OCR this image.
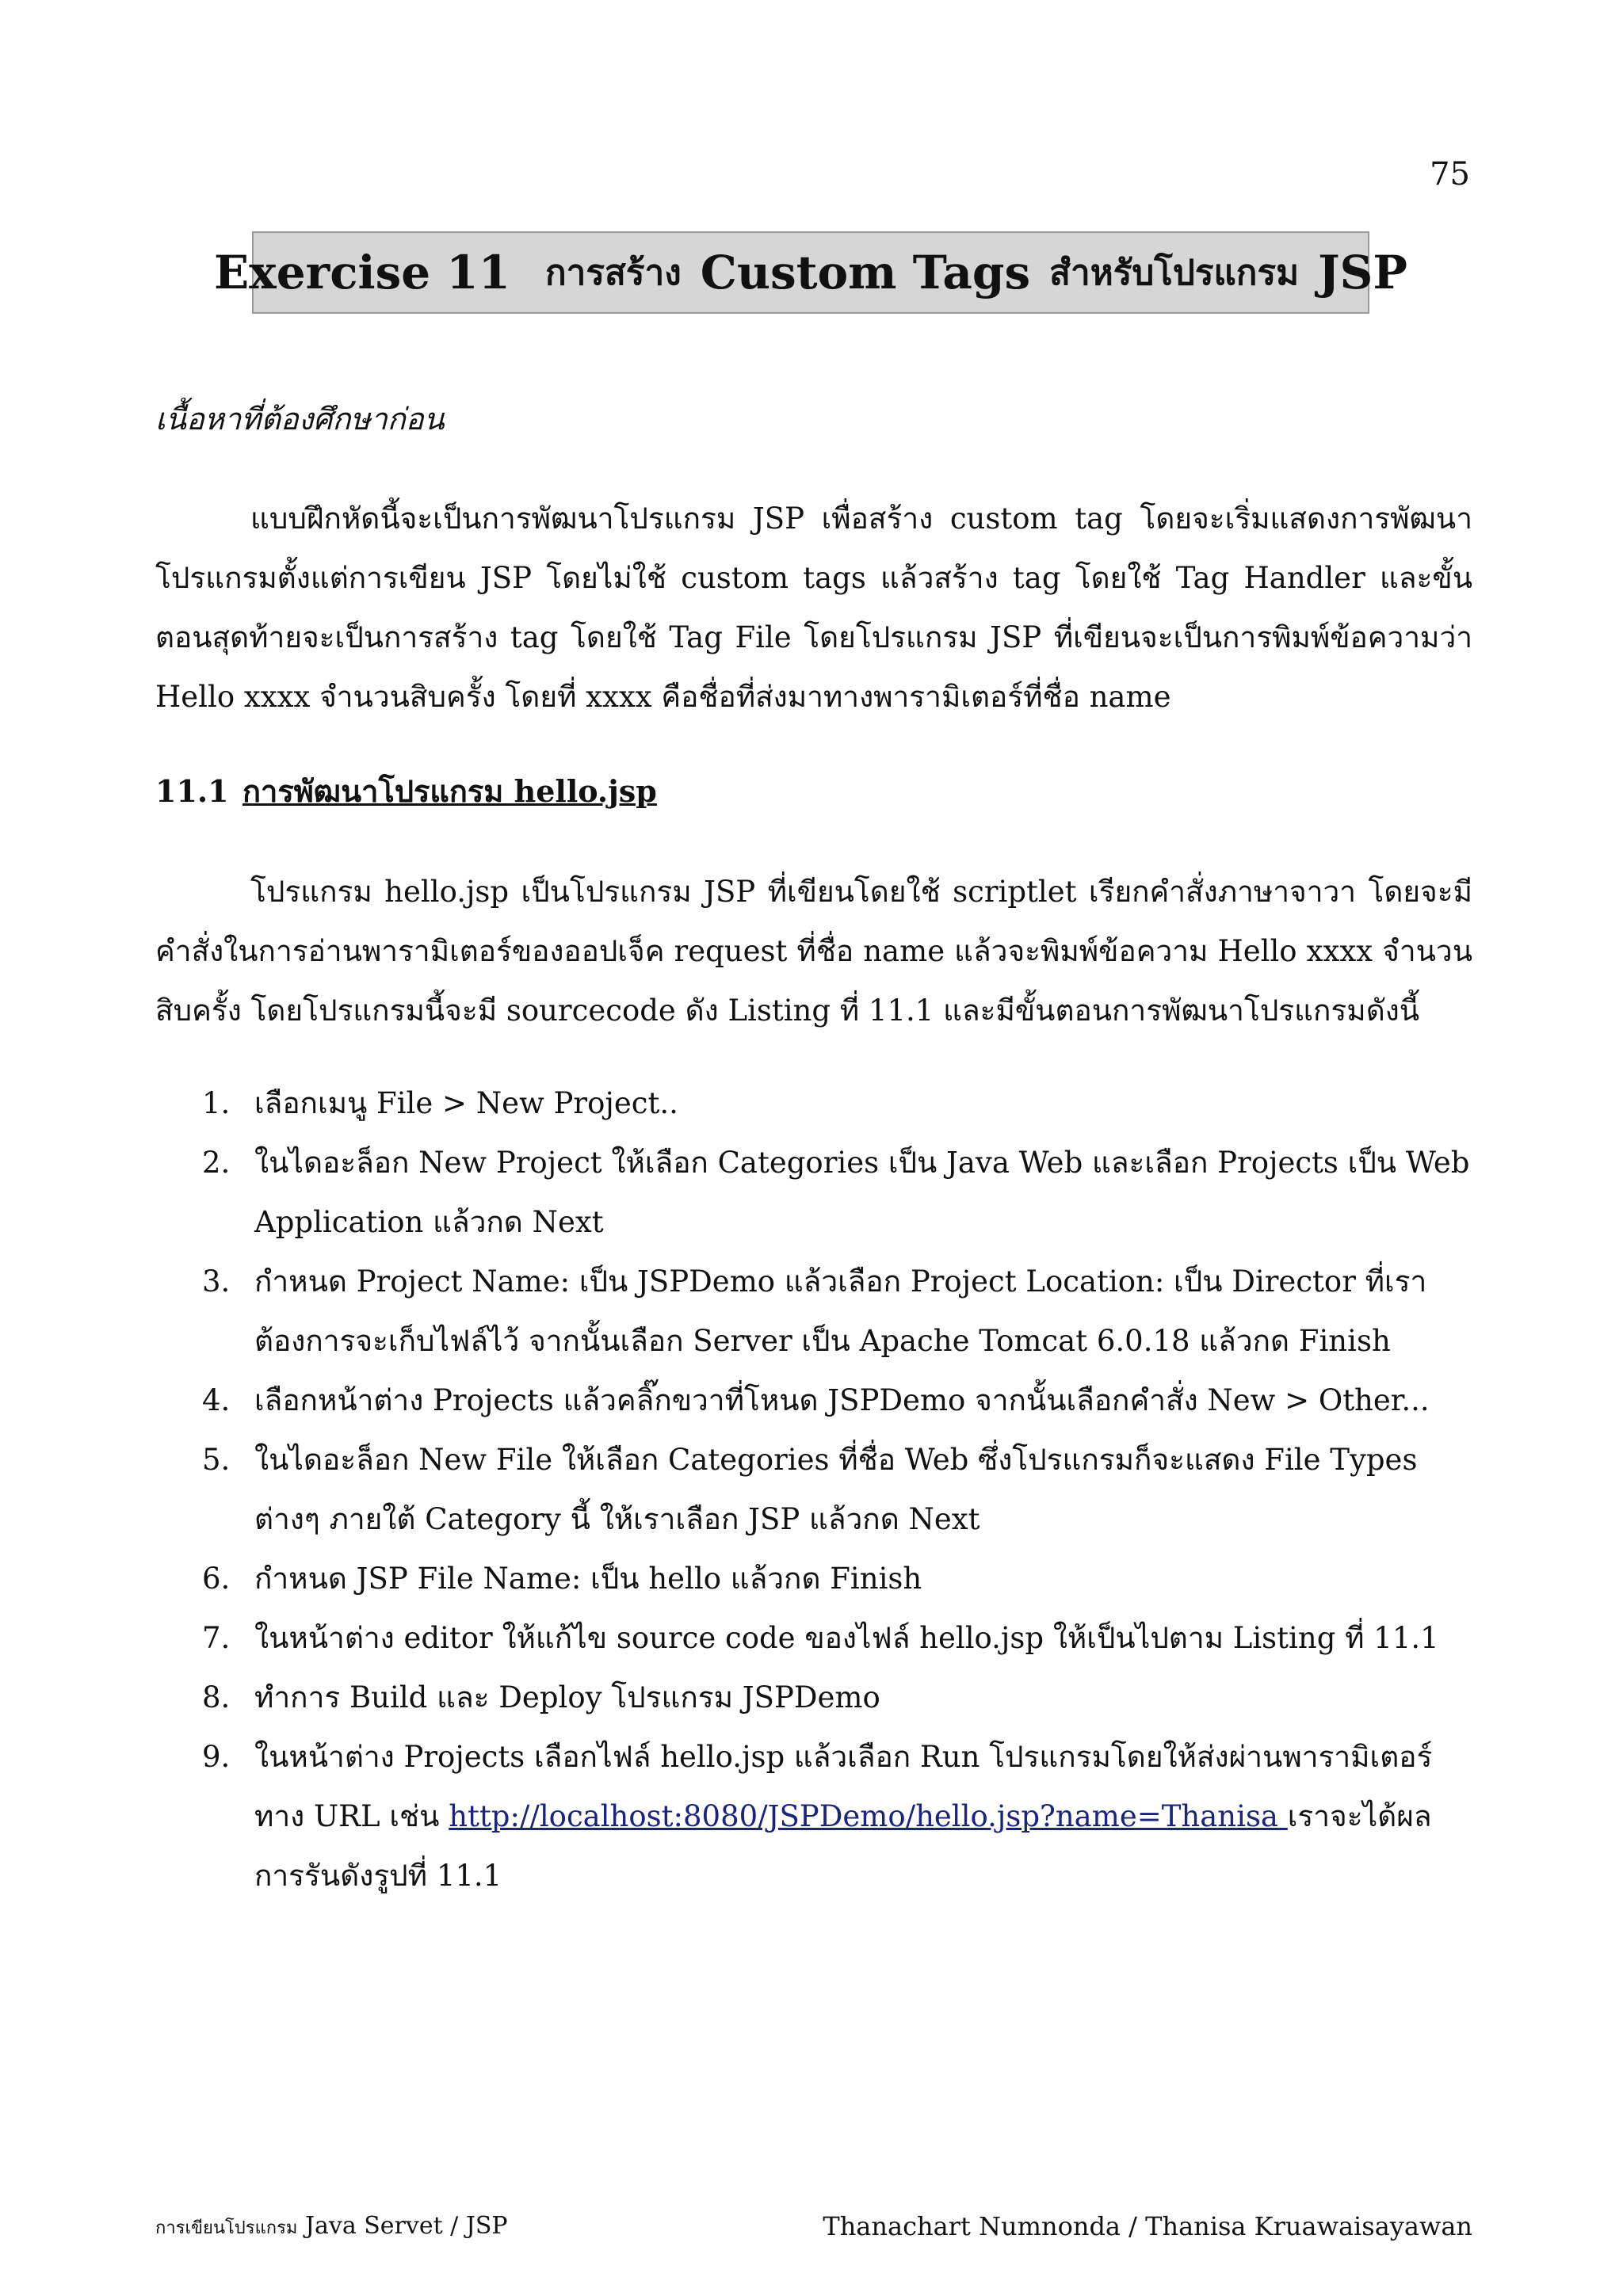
75
Exercise 11 การสร้าง Custom Tags สำหรับโปรแกรม JSP
เนื้อหาที่ต้องศึกษาก่อน

แบบฝึกหัดนี้จะเป็นการพัฒนาโปรแกรม JSP เพื่อสร้าง custom tag โดยจะเริ่มแสดงการพัฒนาโปรแกรมตั้งแต่การเขียน JSP โดยไม่ใช้ custom tags แล้วสร้าง tag โดยใช้ Tag Handler และขั้นตอนสุดท้ายจะเป็นการสร้าง tag โดยใช้ Tag File โดยโปรแกรม JSP ที่เขียนจะเป็นการพิมพ์ข้อความว่า Hello xxxx จำนวนสิบครั้ง โดยที่ xxxx คือชื่อที่ส่งมาทางพารามิเตอร์ที่ชื่อ name

11.1 การพัฒนาโปรแกรม hello.jsp

โปรแกรม hello.jsp เป็นโปรแกรม JSP ที่เขียนโดยใช้ scriptlet เรียกคำสั่งภาษาจาวา โดยจะมีคำสั่งในการอ่านพารามิเตอร์ของออปเจ็ค request ที่ชื่อ name แล้วจะพิมพ์ข้อความ Hello xxxx จำนวนสิบครั้ง โดยโปรแกรมนี้จะมี sourcecode ดัง Listing ที่ 11.1 และมีขั้นตอนการพัฒนาโปรแกรมดังนี้

1. เลือกเมนู File > New Project..
2. ในไดอะล็อก New Project ให้เลือก Categories เป็น Java Web และเลือก Projects เป็น Web Application แล้วกด Next
3. กำหนด Project Name: เป็น JSPDemo แล้วเลือก Project Location: เป็น Director ที่เราต้องการจะเก็บไฟล์ไว้ จากนั้นเลือก Server เป็น Apache Tomcat 6.0.18 แล้วกด Finish
4. เลือกหน้าต่าง Projects แล้วคลิ๊กขวาที่โหนด JSPDemo จากนั้นเลือกคำสั่ง New > Other...
5. ในไดอะล็อก New File ให้เลือก Categories ที่ชื่อ Web ซึ่งโปรแกรมก็จะแสดง File Types ต่างๆ ภายใต้ Category นี้ ให้เราเลือก JSP แล้วกด Next
6. กำหนด JSP File Name: เป็น hello แล้วกด Finish
7. ในหน้าต่าง editor ให้แก้ไข source code ของไฟล์ hello.jsp ให้เป็นไปตาม Listing ที่ 11.1
8. ทำการ Build และ Deploy โปรแกรม JSPDemo
9. ในหน้าต่าง Projects เลือกไฟล์ hello.jsp แล้วเลือก Run โปรแกรมโดยให้ส่งผ่านพารามิเตอร์ทาง URL เช่น http://localhost:8080/JSPDemo/hello.jsp?name=Thanisa เราจะได้ผลการรันดังรูปที่ 11.1
การเขียนโปรแกรม Java Servet / JSP	Thanachart Numnonda / Thanisa Kruawaisayawan
